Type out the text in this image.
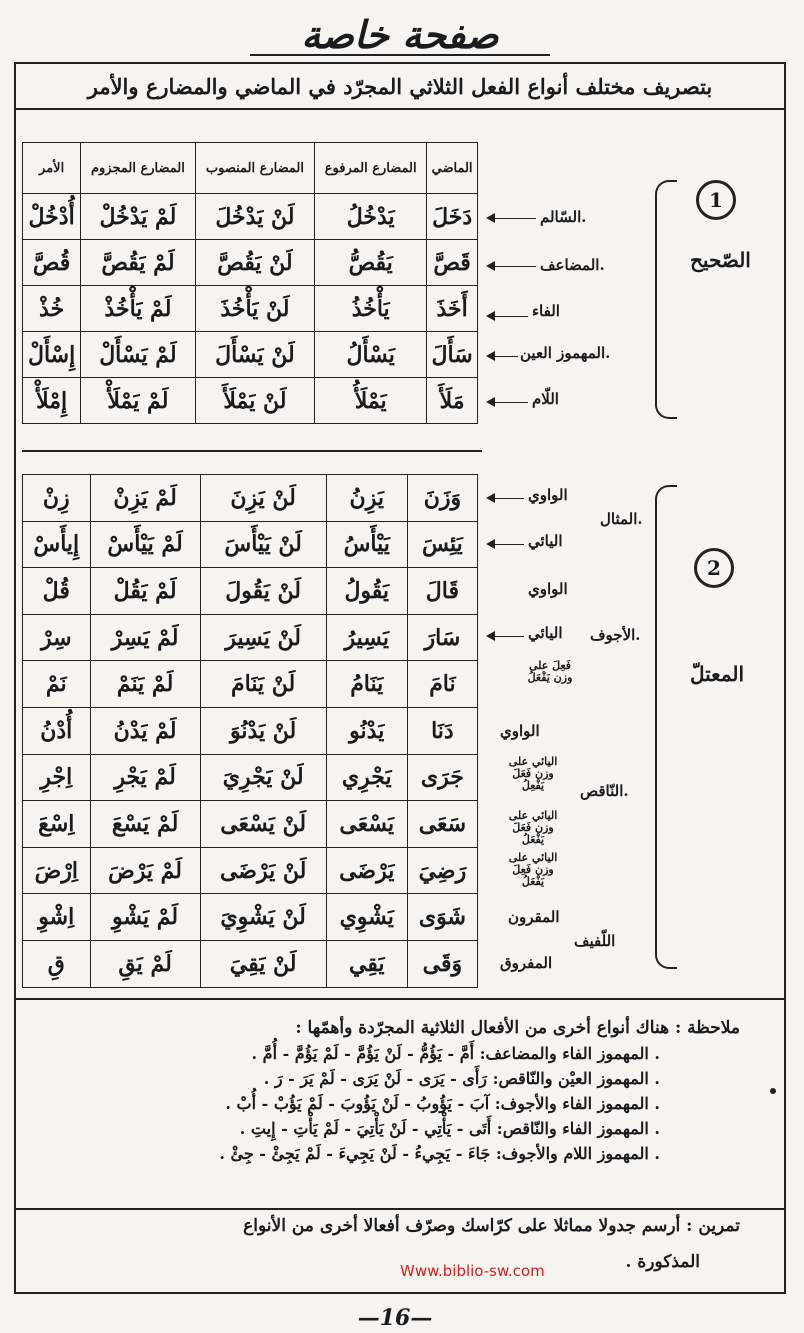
صفحة خاصة
بتصريف مختلف أنواع الفعل الثلاثي المجرّد في الماضي والمضارع والأمر
الماضي	المضارع المرفوع	المضارع المنصوب	المضارع المجزوم	الأمر
دَخَلَ	يَدْخُلُ	لَنْ يَدْخُلَ	لَمْ يَدْخُلْ	أُدْخُلْ
قَصَّ	يَقُصُّ	لَنْ يَقُصَّ	لَمْ يَقُصَّ	قُصَّ
أَخَذَ	يَأْخُذُ	لَنْ يَأْخُذَ	لَمْ يَأْخُذْ	خُذْ
سَأَلَ	يَسْأَلُ	لَنْ يَسْأَلَ	لَمْ يَسْأَلْ	إِسْأَلْ
مَلَأَ	يَمْلَأُ	لَنْ يَمْلَأَ	لَمْ يَمْلَأْ	إِمْلَأْ
.السّالم
.المضاعف
الفاء
.المهموز العين
اللّام
1
الصّحيح
وَزَنَ	يَزِنُ	لَنْ يَزِنَ	لَمْ يَزِنْ	زِنْ
يَئِسَ	يَيْأَسُ	لَنْ يَيْأَسَ	لَمْ يَيْأَسْ	إِيأَسْ
قَالَ	يَقُولُ	لَنْ يَقُولَ	لَمْ يَقُلْ	قُلْ
سَارَ	يَسِيرُ	لَنْ يَسِيرَ	لَمْ يَسِرْ	سِرْ
نَامَ	يَنَامُ	لَنْ يَنَامَ	لَمْ يَنَمْ	نَمْ
دَنَا	يَدْنُو	لَنْ يَدْنُوَ	لَمْ يَدْنُ	أُدْنُ
جَرَى	يَجْرِي	لَنْ يَجْرِيَ	لَمْ يَجْرِ	اِجْرِ
سَعَى	يَسْعَى	لَنْ يَسْعَى	لَمْ يَسْعَ	اِسْعَ
رَضِيَ	يَرْضَى	لَنْ يَرْضَى	لَمْ يَرْضَ	اِرْضَ
شَوَى	يَشْوِي	لَنْ يَشْوِيَ	لَمْ يَشْوِ	اِشْوِ
وَقَى	يَقِي	لَنْ يَقِيَ	لَمْ يَقِ	قِ
الواوي
اليائي
.المثال
الواوي
اليائي .الأجوف
فَعِلَ على وزن يَفْعَلُ
الواوي
اليائي على وزن فَعَلَ يَفْعِلُ	.النّاقص
اليائي على وزن فَعَلَ يَفْعَلُ
اليائي على وزن فَعِلَ يَفْعَلُ
المقرون
اللّفيف
المفروق
2
المعتلّ
ملاحظة : هناك أنواع أخرى من الأفعال الثلاثية المجرّدة وأهمّها :
. المهموز الفاء والمضاعف: أَمَّ - يَؤُمُّ - لَنْ يَؤُمَّ - لَمْ يَؤُمَّ - أُمَّ .
. المهموز العيْن والنّاقص: رَأَى - يَرَى - لَنْ يَرَى - لَمْ يَرَ - رَ .
. المهموز الفاء والأجوف: آبَ - يَؤُوبُ - لَنْ يَؤُوبَ - لَمْ يَؤُبْ - أُبْ .
. المهموز الفاء والنّاقص: أَتَى - يَأْتِي - لَنْ يَأْتِيَ - لَمْ يَأْتِ - إِيتِ .
. المهموز اللام والأجوف: جَاءَ - يَجِيءُ - لَنْ يَجِيءَ - لَمْ يَجِئْ - جِئْ .
تمرين : أرسم جدولا مماثلا على كرّاسك وصرّف أفعالا أخرى من الأنواع
المذكورة .
Www.biblio-sw.com
—16—
